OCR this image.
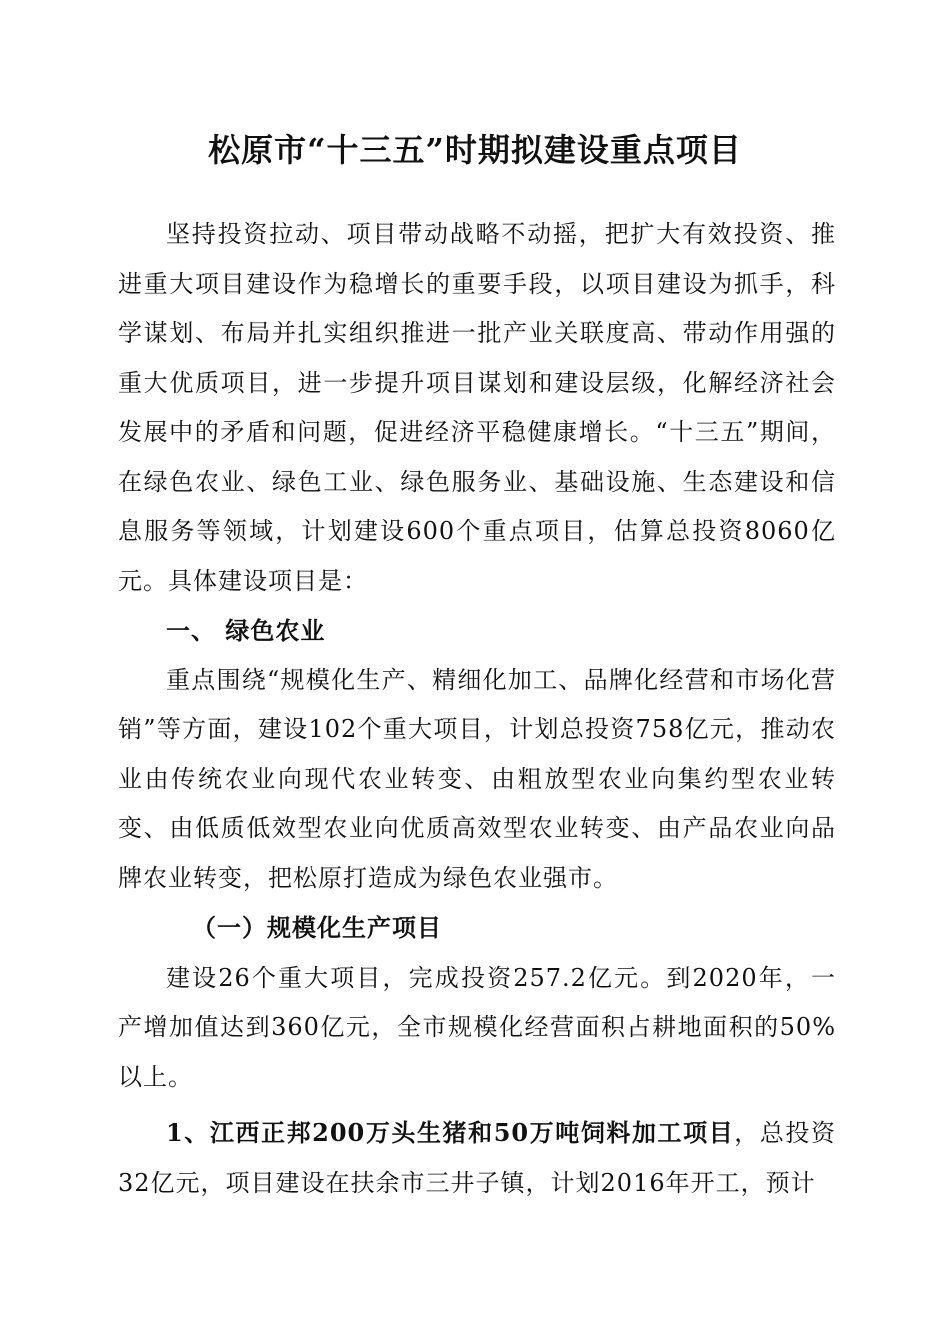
松原市“十三五”时期拟建设重点项目

坚持投资拉动、项目带动战略不动摇，把扩大有效投资、推进重大项目建设作为稳增长的重要手段，以项目建设为抓手，科学谋划、布局并扎实组织推进一批产业关联度高、带动作用强的重大优质项目，进一步提升项目谋划和建设层级，化解经济社会发展中的矛盾和问题，促进经济平稳健康增长。“十三五”期间，在绿色农业、绿色工业、绿色服务业、基础设施、生态建设和信息服务等领域，计划建设600个重点项目，估算总投资8060亿元。具体建设项目是：

一、 绿色农业

重点围绕“规模化生产、精细化加工、品牌化经营和市场化营销”等方面，建设102个重大项目，计划总投资758亿元，推动农业由传统农业向现代农业转变、由粗放型农业向集约型农业转变、由低质低效型农业向优质高效型农业转变、由产品农业向品牌农业转变，把松原打造成为绿色农业强市。

（一）规模化生产项目

建设26个重大项目，完成投资257.2亿元。到2020年，一产增加值达到360亿元，全市规模化经营面积占耕地面积的50%以上。

1、江西正邦200万头生猪和50万吨饲料加工项目，总投资32亿元，项目建设在扶余市三井子镇，计划2016年开工，预计
